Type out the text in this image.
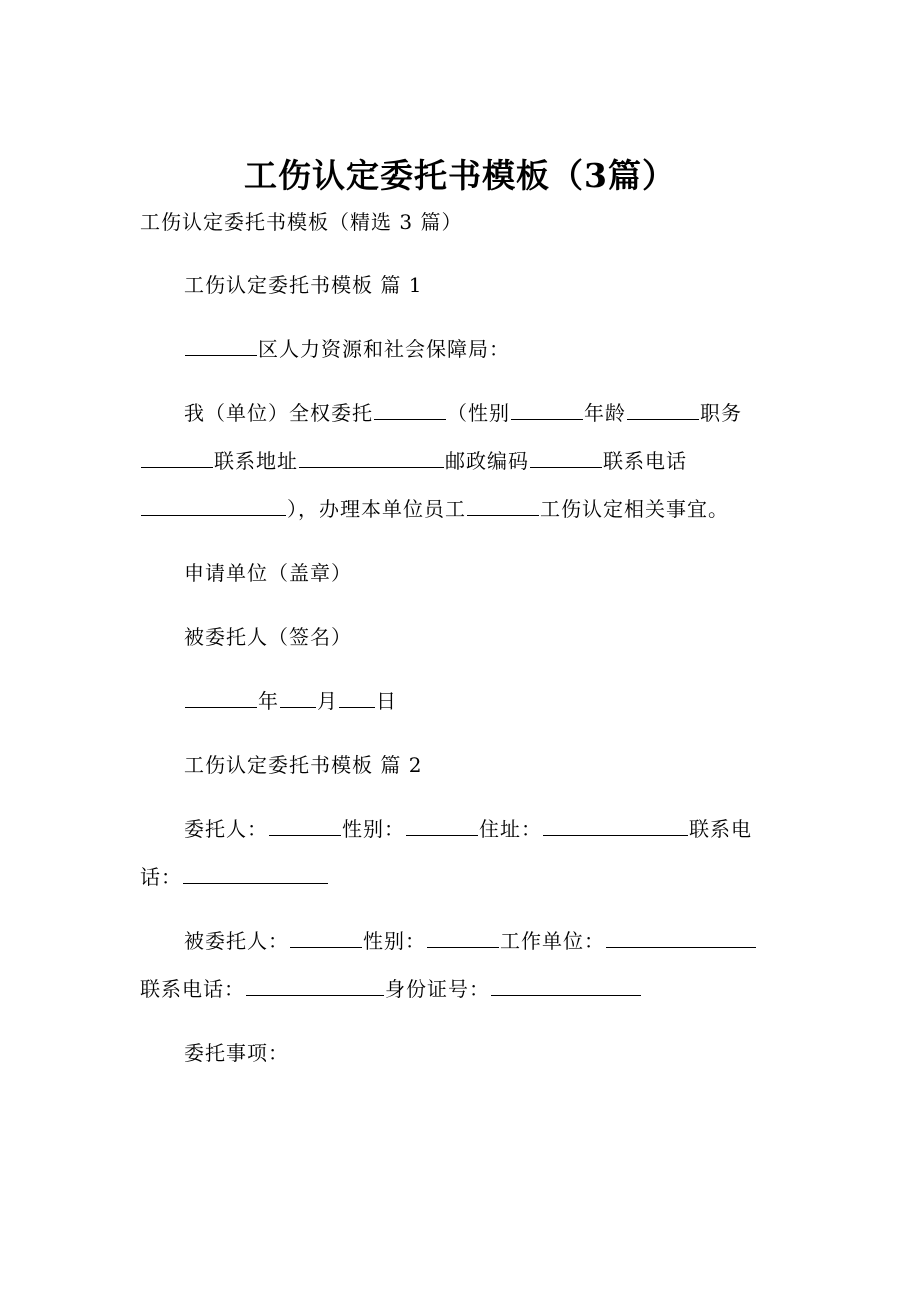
工伤认定委托书模板（3篇）
工伤认定委托书模板（精选 3 篇）
工伤认定委托书模板 篇 1
区人力资源和社会保障局：
我（单位）全权委托	（性别	年龄	职务
联系地址	邮政编码	联系电话
），办理本单位员工	工伤认定相关事宜。
申请单位（盖章）
被委托人（签名）
年 月 日
工伤认定委托书模板 篇 2
委托人：	性别：	住址：	联系电
话：
被委托人：	性别：	工作单位：
联系电话：	身份证号：
委托事项：
